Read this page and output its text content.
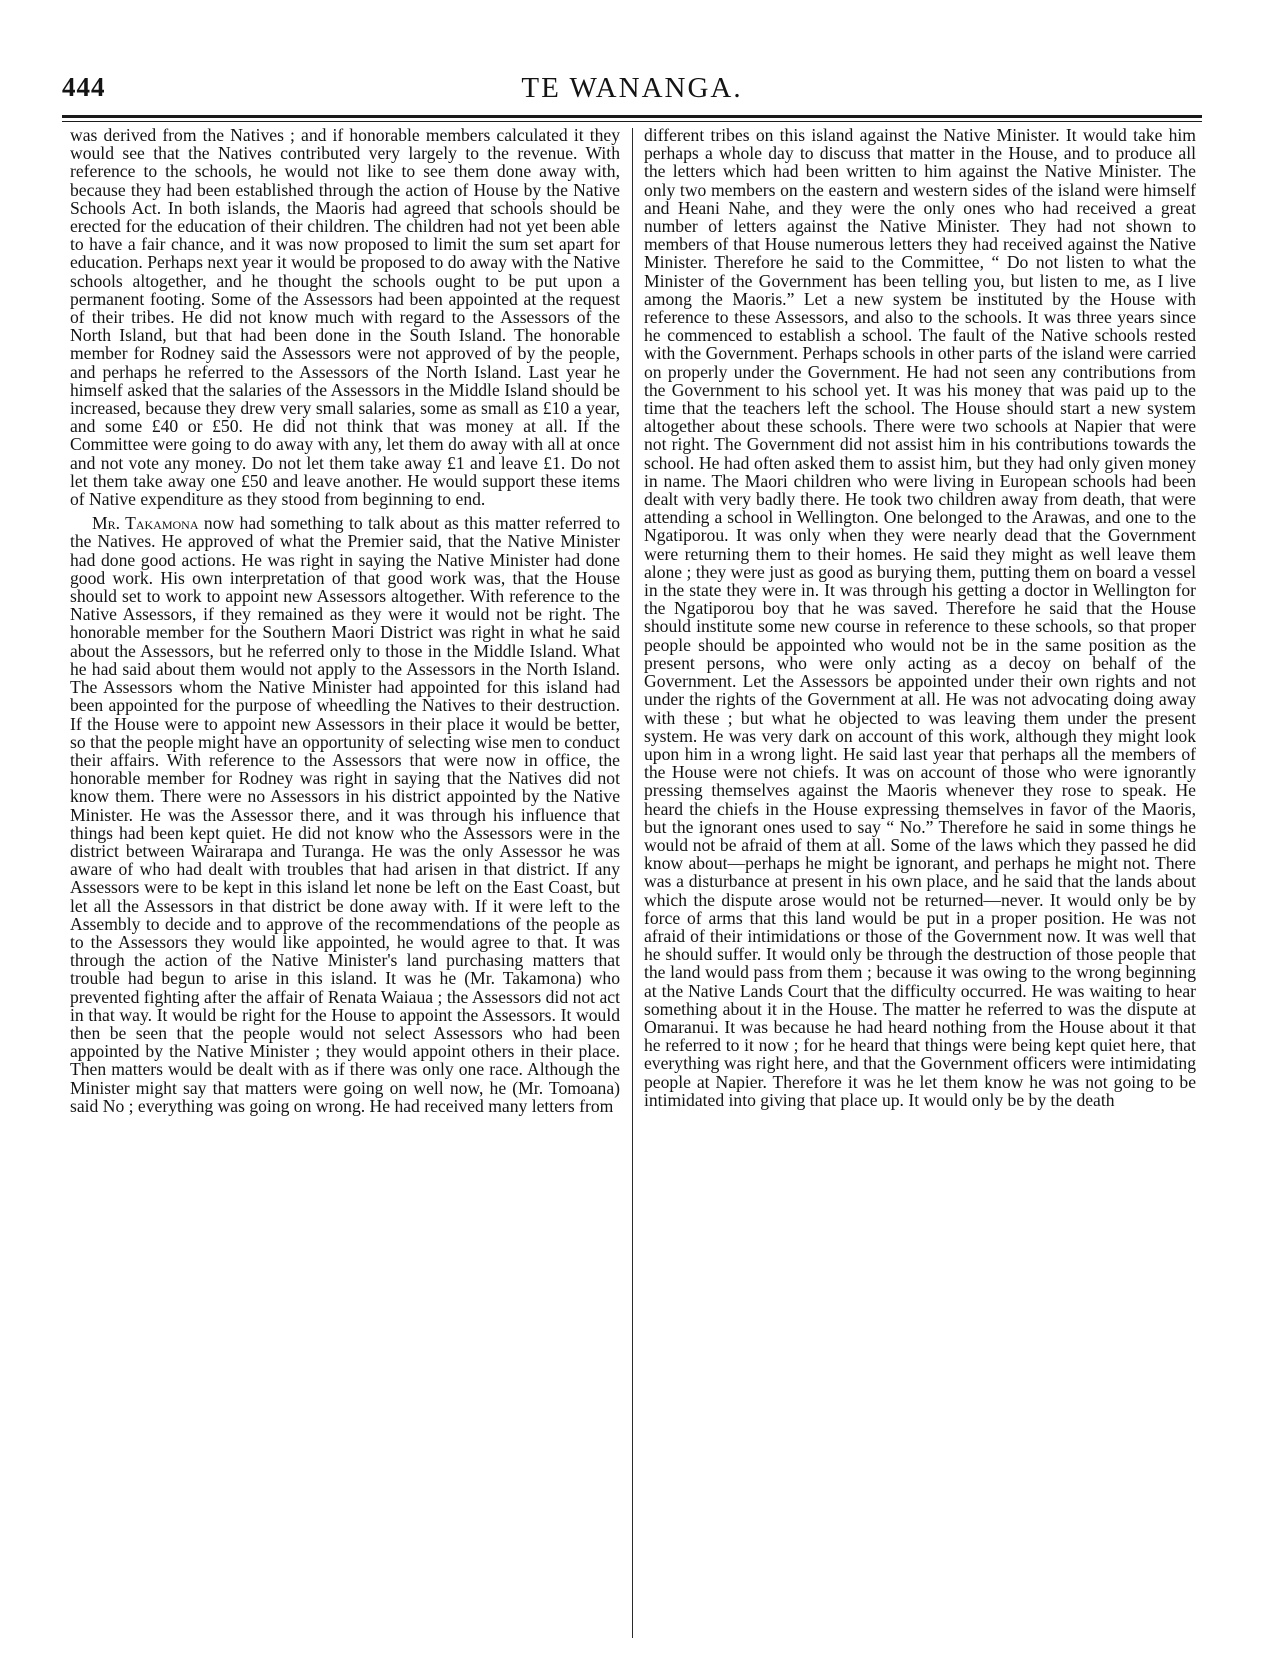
444	TE WANANGA.

was derived from the Natives ; and if honorable members calculated it they would see that the Natives contributed very largely to the revenue. With reference to the schools, he would not like to see them done away with, because they had been established through the action of House by the Native Schools Act. In both islands, the Maoris had agreed that schools should be erected for the education of their children. The children had not yet been able to have a fair chance, and it was now proposed to limit the sum set apart for education. Perhaps next year it would be proposed to do away with the Native schools altogether, and he thought the schools ought to be put upon a permanent footing. Some of the Assessors had been appointed at the request of their tribes. He did not know much with regard to the Assessors of the North Island, but that had been done in the South Island. The honorable member for Rodney said the Assessors were not approved of by the people, and perhaps he referred to the Assessors of the North Island. Last year he himself asked that the salaries of the Assessors in the Middle Island should be increased, because they drew very small salaries, some as small as £10 a year, and some £40 or £50. He did not think that was money at all. If the Committee were going to do away with any, let them do away with all at once and not vote any money. Do not let them take away £1 and leave £1. Do not let them take away one £50 and leave another. He would support these items of Native expenditure as they stood from beginning to end.

Mr. Takamona now had something to talk about as this matter referred to the Natives. He approved of what the Premier said, that the Native Minister had done good actions. He was right in saying the Native Minister had done good work. His own interpretation of that good work was, that the House should set to work to appoint new Assessors altogether. With reference to the Native Assessors, if they remained as they were it would not be right. The honorable member for the Southern Maori District was right in what he said about the Assessors, but he referred only to those in the Middle Island. What he had said about them would not apply to the Assessors in the North Island. The Assessors whom the Native Minister had appointed for this island had been appointed for the purpose of wheedling the Natives to their destruction. If the House were to appoint new Assessors in their place it would be better, so that the people might have an opportunity of selecting wise men to conduct their affairs. With reference to the Assessors that were now in office, the honorable member for Rodney was right in saying that the Natives did not know them. There were no Assessors in his district appointed by the Native Minister. He was the Assessor there, and it was through his influence that things had been kept quiet. He did not know who the Assessors were in the district between Wairarapa and Turanga. He was the only Assessor he was aware of who had dealt with troubles that had arisen in that district. If any Assessors were to be kept in this island let none be left on the East Coast, but let all the Assessors in that district be done away with. If it were left to the Assembly to decide and to approve of the recommendations of the people as to the Assessors they would like appointed, he would agree to that. It was through the action of the Native Minister's land purchasing matters that trouble had begun to arise in this island. It was he (Mr. Takamona) who prevented fighting after the affair of Renata Waiaua ; the Assessors did not act in that way. It would be right for the House to appoint the Assessors. It would then be seen that the people would not select Assessors who had been appointed by the Native Minister ; they would appoint others in their place. Then matters would be dealt with as if there was only one race. Although the Minister might say that matters were going on well now, he (Mr. Tomoana) said No ; everything was going on wrong. He had received many letters from

different tribes on this island against the Native Minister. It would take him perhaps a whole day to discuss that matter in the House, and to produce all the letters which had been written to him against the Native Minister. The only two members on the eastern and western sides of the island were himself and Heani Nahe, and they were the only ones who had received a great number of letters against the Native Minister. They had not shown to members of that House numerous letters they had received against the Native Minister. Therefore he said to the Committee, “ Do not listen to what the Minister of the Government has been telling you, but listen to me, as I live among the Maoris.” Let a new system be instituted by the House with reference to these Assessors, and also to the schools. It was three years since he commenced to establish a school. The fault of the Native schools rested with the Government. Perhaps schools in other parts of the island were carried on properly under the Government. He had not seen any contributions from the Government to his school yet. It was his money that was paid up to the time that the teachers left the school. The House should start a new system altogether about these schools. There were two schools at Napier that were not right. The Government did not assist him in his contributions towards the school. He had often asked them to assist him, but they had only given money in name. The Maori children who were living in European schools had been dealt with very badly there. He took two children away from death, that were attending a school in Wellington. One belonged to the Arawas, and one to the Ngatiporou. It was only when they were nearly dead that the Government were returning them to their homes. He said they might as well leave them alone ; they were just as good as burying them, putting them on board a vessel in the state they were in. It was through his getting a doctor in Wellington for the Ngatiporou boy that he was saved. Therefore he said that the House should institute some new course in reference to these schools, so that proper people should be appointed who would not be in the same position as the present persons, who were only acting as a decoy on behalf of the Government. Let the Assessors be appointed under their own rights and not under the rights of the Government at all. He was not advocating doing away with these ; but what he objected to was leaving them under the present system. He was very dark on account of this work, although they might look upon him in a wrong light. He said last year that perhaps all the members of the House were not chiefs. It was on account of those who were ignorantly pressing themselves against the Maoris whenever they rose to speak. He heard the chiefs in the House expressing themselves in favor of the Maoris, but the ignorant ones used to say “ No.” Therefore he said in some things he would not be afraid of them at all. Some of the laws which they passed he did know about—perhaps he might be ignorant, and perhaps he might not. There was a disturbance at present in his own place, and he said that the lands about which the dispute arose would not be returned—never. It would only be by force of arms that this land would be put in a proper position. He was not afraid of their intimidations or those of the Government now. It was well that he should suffer. It would only be through the destruction of those people that the land would pass from them ; because it was owing to the wrong beginning at the Native Lands Court that the difficulty occurred. He was waiting to hear something about it in the House. The matter he referred to was the dispute at Omaranui. It was because he had heard nothing from the House about it that he referred to it now ; for he heard that things were being kept quiet here, that everything was right here, and that the Government officers were intimidating people at Napier. Therefore it was he let them know he was not going to be intimidated into giving that place up. It would only be by the death
